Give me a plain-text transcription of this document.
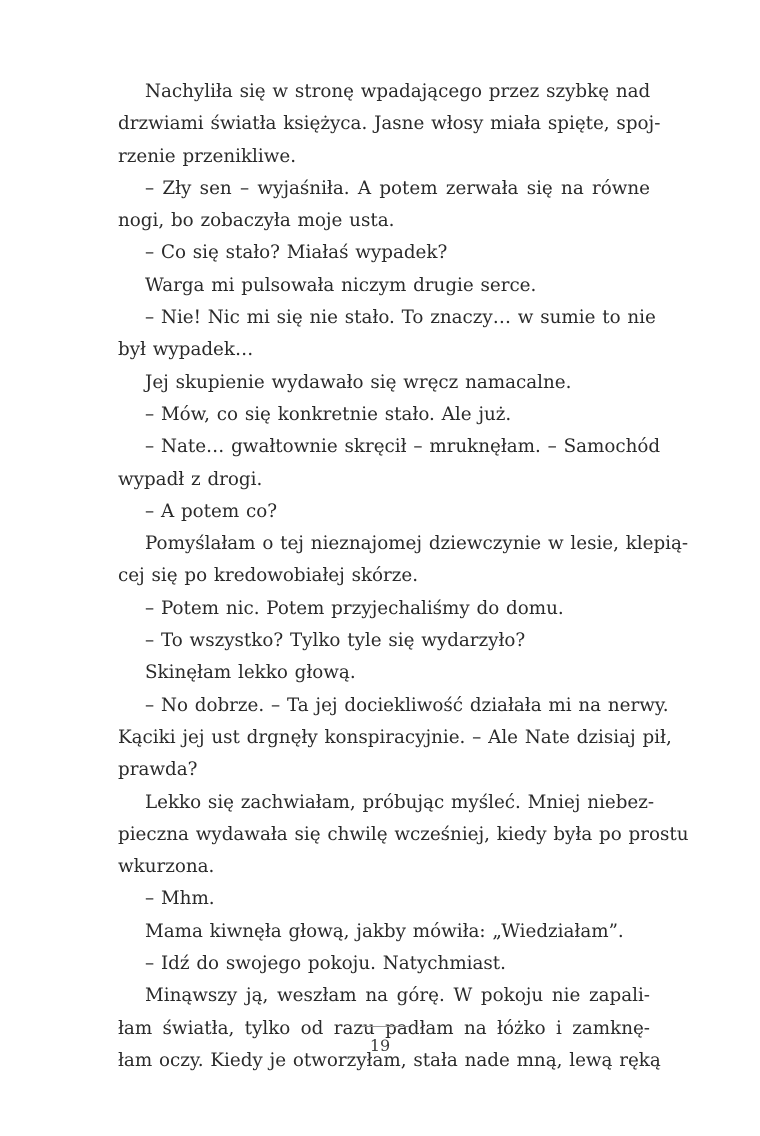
Nachyliła się w stronę wpadającego przez szybkę nad
drzwiami światła księżyca. Jasne włosy miała spięte, spoj-
rzenie przenikliwe.
– Zły sen – wyjaśniła. A potem zerwała się na równe
nogi, bo zobaczyła moje usta.
– Co się stało? Miałaś wypadek?
Warga mi pulsowała niczym drugie serce.
– Nie! Nic mi się nie stało. To znaczy… w sumie to nie
był wypadek…
Jej skupienie wydawało się wręcz namacalne.
– Mów, co się konkretnie stało. Ale już.
– Nate… gwałtownie skręcił – mruknęłam. – Samochód
wypadł z drogi.
– A potem co?
Pomyślałam o tej nieznajomej dziewczynie w lesie, klepią-
cej się po kredowobiałej skórze.
– Potem nic. Potem przyjechaliśmy do domu.
– To wszystko? Tylko tyle się wydarzyło?
Skinęłam lekko głową.
– No dobrze. – Ta jej dociekliwość działała mi na nerwy.
Kąciki jej ust drgnęły konspiracyjnie. – Ale Nate dzisiaj pił,
prawda?
Lekko się zachwiałam, próbując myśleć. Mniej niebez-
pieczna wydawała się chwilę wcześniej, kiedy była po prostu
wkurzona.
– Mhm.
Mama kiwnęła głową, jakby mówiła: „Wiedziałam”.
– Idź do swojego pokoju. Natychmiast.
Minąwszy ją, weszłam na górę. W pokoju nie zapali-
łam światła, tylko od razu padłam na łóżko i zamknę-
łam oczy. Kiedy je otworzyłam, stała nade mną, lewą ręką
19
